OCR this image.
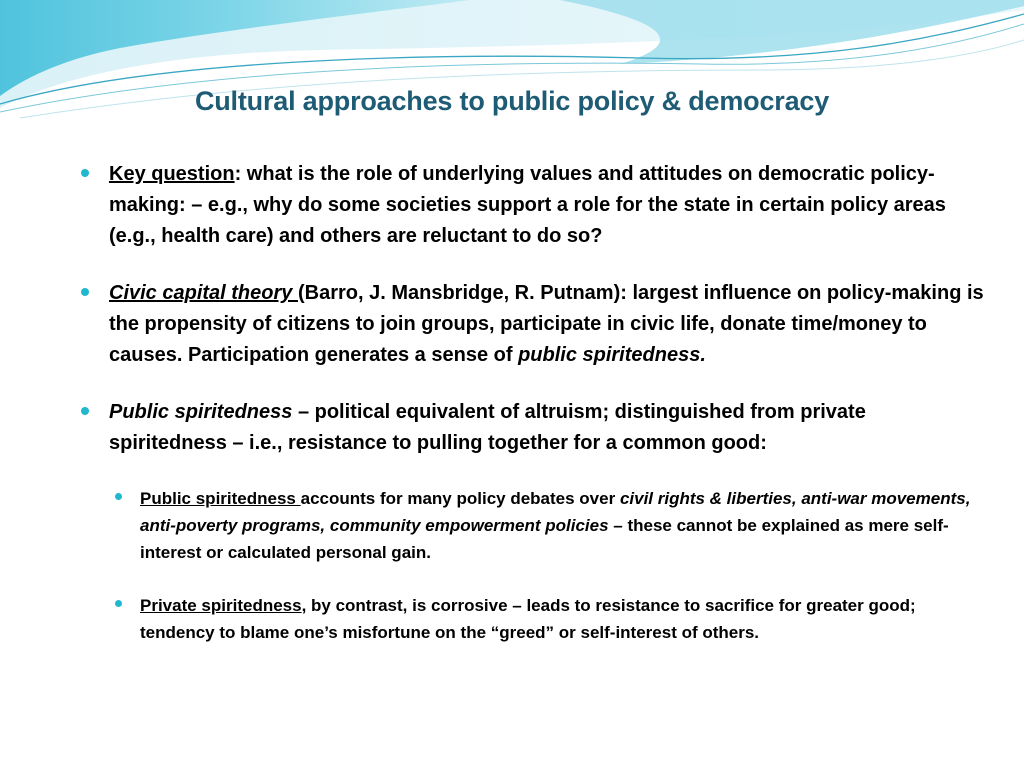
Cultural approaches to public policy & democracy
Key question: what is the role of underlying values and attitudes on democratic policy-making: – e.g., why do some societies support a role for the state in certain policy areas (e.g., health care) and others are reluctant to do so?
Civic capital theory (Barro, J. Mansbridge, R. Putnam): largest influence on policy-making is the propensity of citizens to join groups, participate in civic life, donate time/money to causes. Participation generates a sense of public spiritedness.
Public spiritedness – political equivalent of altruism; distinguished from private spiritedness – i.e., resistance to pulling together for a common good:
Public spiritedness accounts for many policy debates over civil rights & liberties, anti-war movements, anti-poverty programs, community empowerment policies – these cannot be explained as mere self-interest or calculated personal gain.
Private spiritedness, by contrast, is corrosive – leads to resistance to sacrifice for greater good; tendency to blame one’s misfortune on the “greed” or self-interest of others.
